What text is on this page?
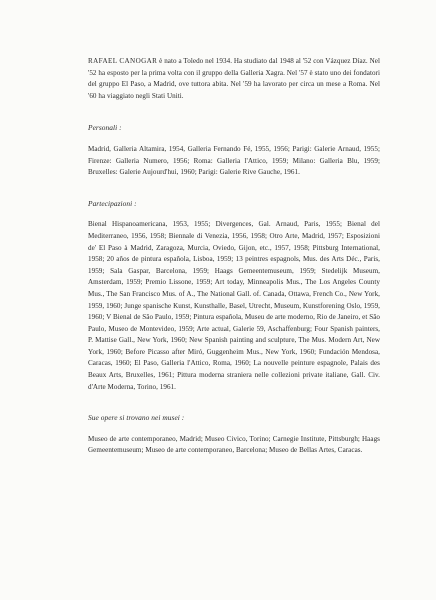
RAFAEL CANOGAR è nato a Toledo nel 1934. Ha studiato dal 1948 al '52 con Vázquez Díaz. Nel '52 ha esposto per la prima volta con il gruppo della Galleria Xagra. Nel '57 è stato uno dei fondatori del gruppo El Paso, a Madrid, ove tuttora abita. Nel '59 ha lavorato per circa un mese a Roma. Nel '60 ha viaggiato negli Stati Uniti.

Personali :

Madrid, Galleria Altamira, 1954, Galleria Fernando Fé, 1955, 1956; Parigi: Galerie Arnaud, 1955; Firenze: Galleria Numero, 1956; Roma: Galleria l'Attico, 1959; Milano: Galleria Blu, 1959; Bruxelles: Galerie Aujourd'hui, 1960; Parigi: Galerie Rive Gauche, 1961.

Partecipazioni :

Bienal Hispanoamericana, 1953, 1955; Divergences, Gal. Arnaud, Paris, 1955; Bienal del Mediterraneo, 1956, 1958; Biennale di Venezia, 1956, 1958; Otro Arte, Madrid, 1957; Esposizioni de' El Paso à Madrid, Zaragoza, Murcia, Oviedo, Gijon, etc., 1957, 1958; Pittsburg International, 1958; 20 años de pintura española, Lisboa, 1959; 13 peintres espagnols, Mus. des Arts Déc., Paris, 1959; Sala Gaspar, Barcelona, 1959; Haags Gemeentemuseum, 1959; Stedelijk Museum, Amsterdam, 1959; Premio Lissone, 1959; Art today, Minneapolis Mus., The Los Angeles County Mus., The San Francisco Mus. of A., The National Gall. of. Canada, Ottawa, French Co., New York, 1959, 1960; Junge spanische Kunst, Kunsthalle, Basel, Utrecht, Museum, Kunstforening Oslo, 1959, 1960; V Bienal de São Paulo, 1959; Pintura española, Museu de arte moderno, Rio de Janeiro, et São Paulo, Museo de Montevideo, 1959; Arte actual, Galerie 59, Aschaffenburg; Four Spanish painters, P. Mattise Gall., New York, 1960; New Spanish painting and sculpture, The Mus. Modern Art, New York, 1960; Before Picasso after Miró, Guggenheim Mus., New York, 1960; Fundación Mendosa, Caracas, 1960; El Paso, Galleria l'Attico, Roma, 1960; La nouvelle peinture espagnole, Palais des Beaux Arts, Bruxelles, 1961; Pittura moderna straniera nelle collezioni private italiane, Gall. Civ. d'Arte Moderna, Torino, 1961.

Sue opere si trovano nei musei :

Museo de arte contemporaneo, Madrid; Museo Civico, Torino; Carnegie Institute, Pittsburgh; Haags Gemeentemuseum; Museo de arte contemporaneo, Barcelona; Museo de Bellas Artes, Caracas.
